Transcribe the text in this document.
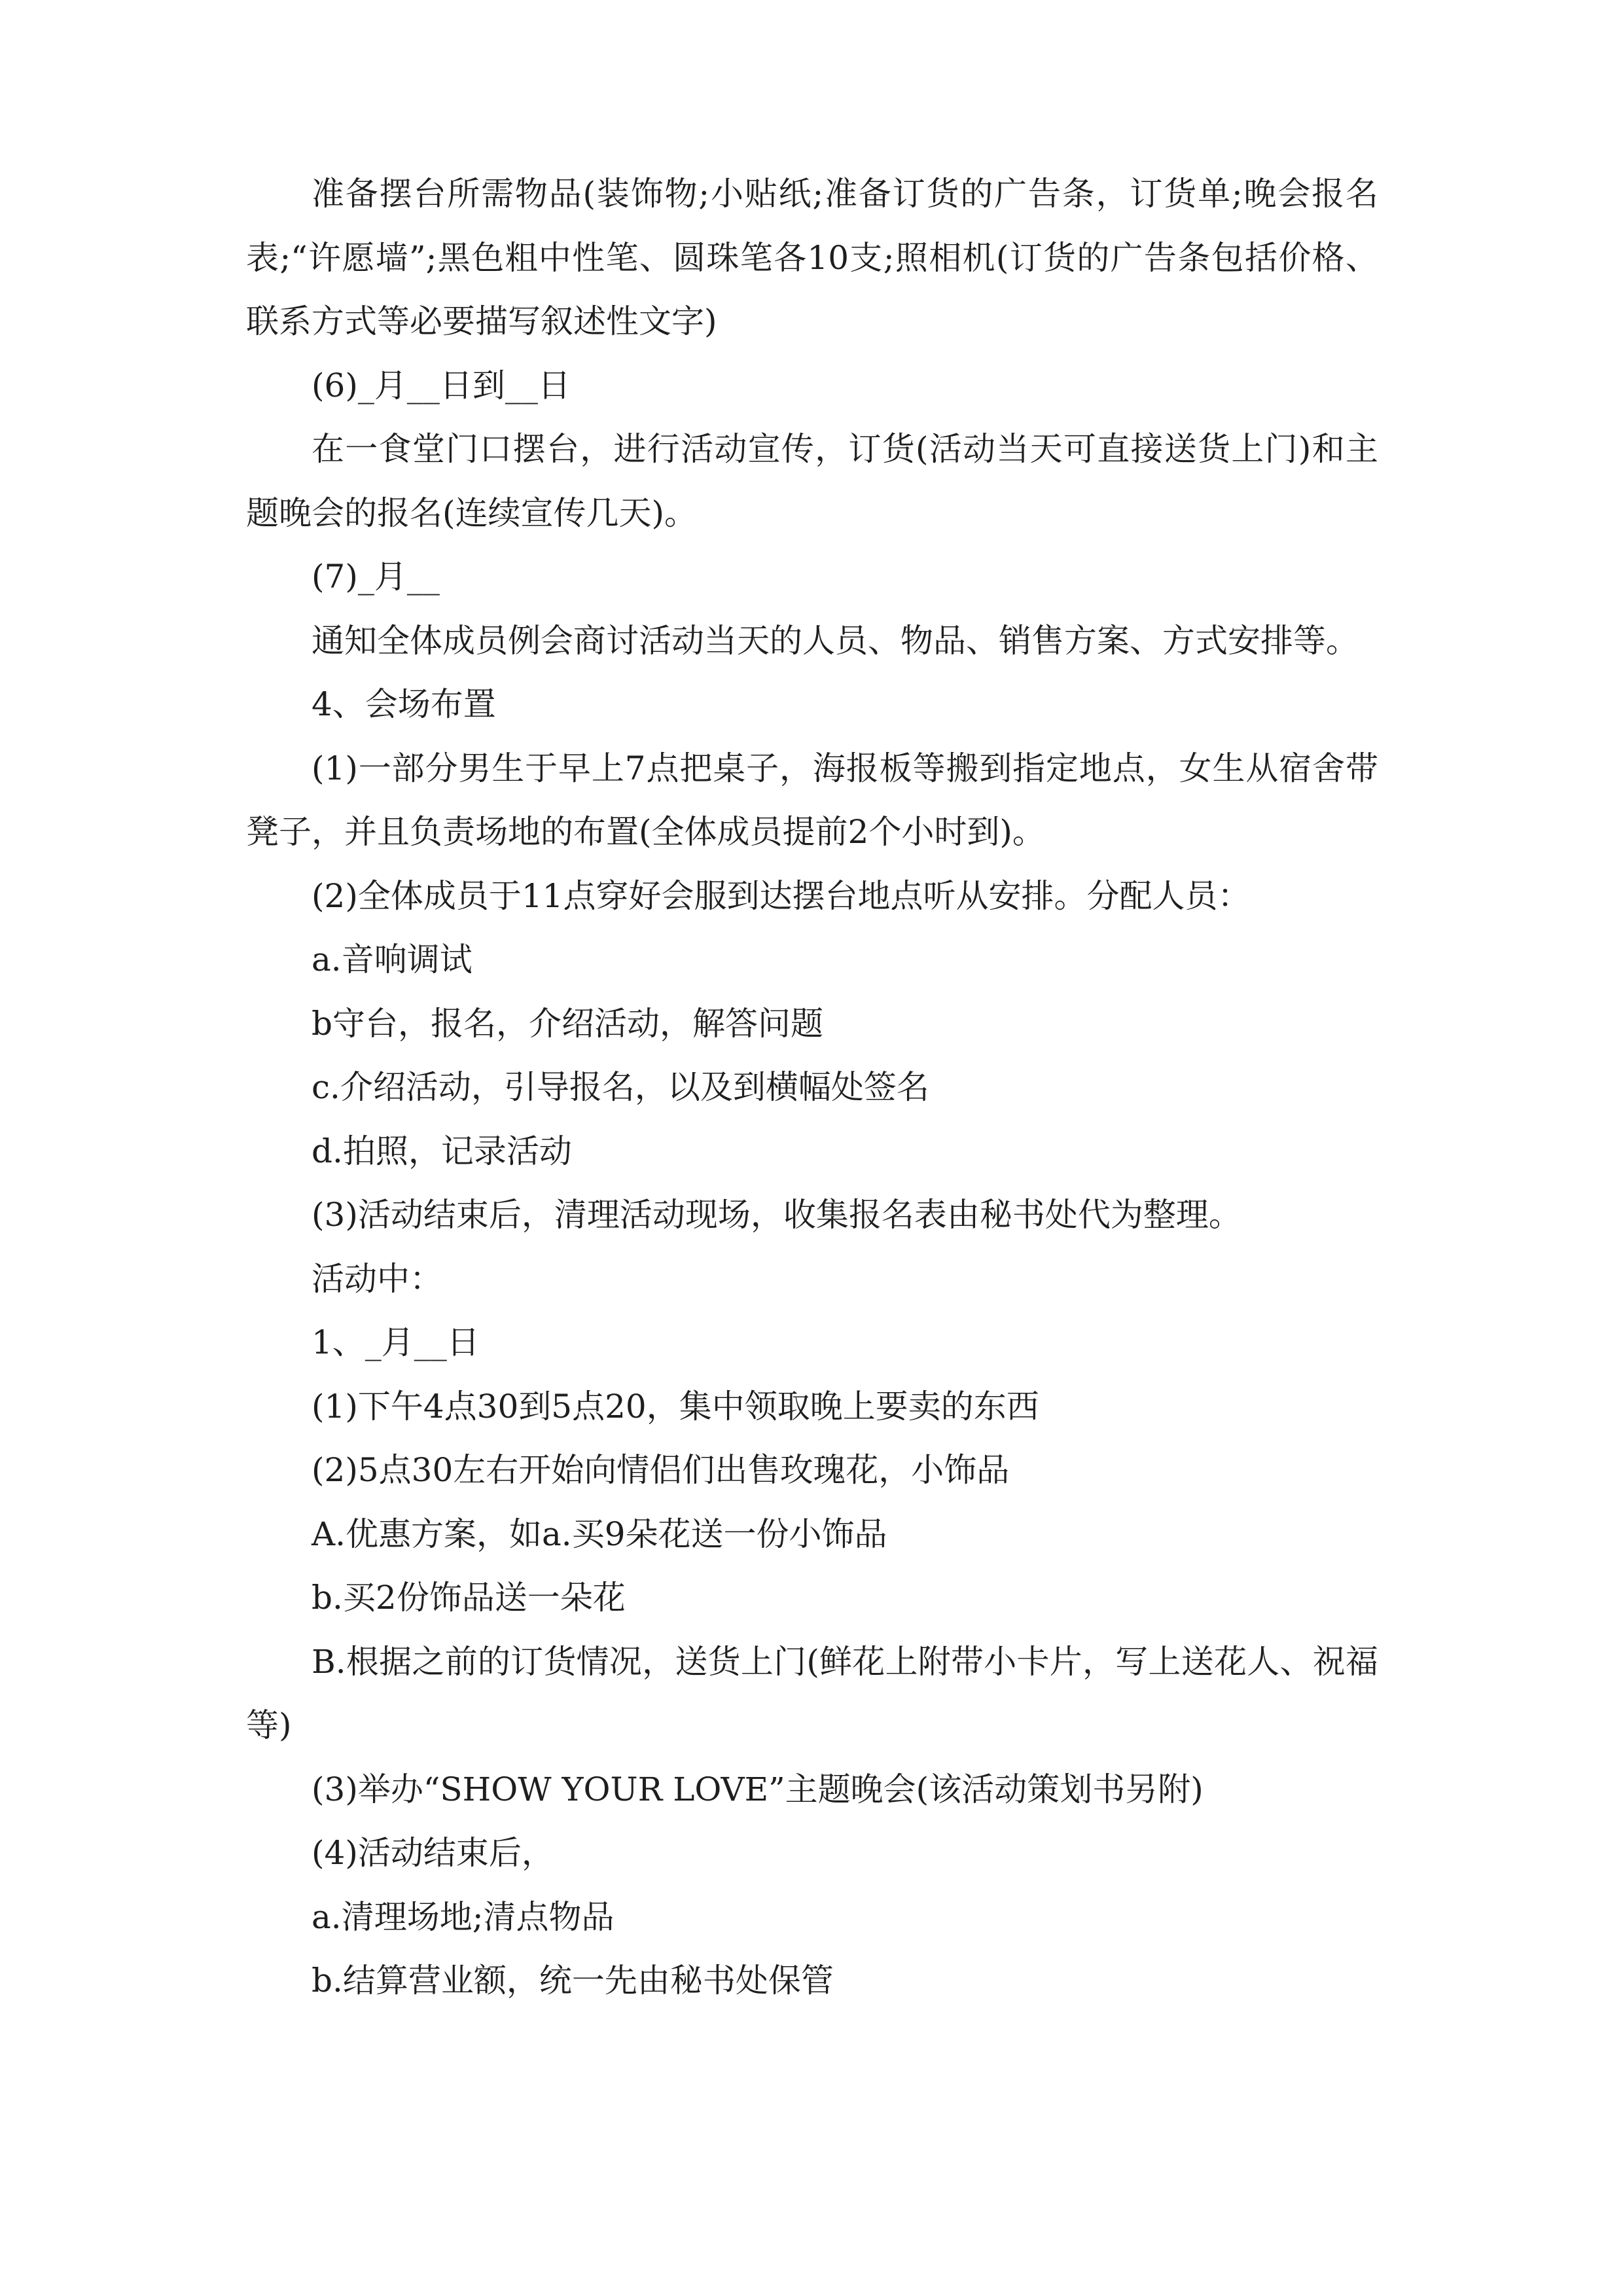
准备摆台所需物品(装饰物;小贴纸;准备订货的广告条，订货单;晚会报名表;“许愿墙”;黑色粗中性笔、圆珠笔各10支;照相机(订货的广告条包括价格、联系方式等必要描写叙述性文字)

(6)_月__日到__日

在一食堂门口摆台，进行活动宣传，订货(活动当天可直接送货上门)和主题晚会的报名(连续宣传几天)。

(7)_月__

通知全体成员例会商讨活动当天的人员、物品、销售方案、方式安排等。

4、会场布置

(1)一部分男生于早上7点把桌子，海报板等搬到指定地点，女生从宿舍带凳子，并且负责场地的布置(全体成员提前2个小时到)。

(2)全体成员于11点穿好会服到达摆台地点听从安排。分配人员：

a.音响调试

b守台，报名，介绍活动，解答问题

c.介绍活动，引导报名，以及到横幅处签名

d.拍照，记录活动

(3)活动结束后，清理活动现场，收集报名表由秘书处代为整理。

活动中：

1、_月__日

(1)下午4点30到5点20，集中领取晚上要卖的东西

(2)5点30左右开始向情侣们出售玫瑰花，小饰品

A.优惠方案，如a.买9朵花送一份小饰品

b.买2份饰品送一朵花

B.根据之前的订货情况，送货上门(鲜花上附带小卡片，写上送花人、祝福等)

(3)举办“SHOW YOUR LOVE”主题晚会(该活动策划书另附)

(4)活动结束后，

a.清理场地;清点物品

b.结算营业额，统一先由秘书处保管
